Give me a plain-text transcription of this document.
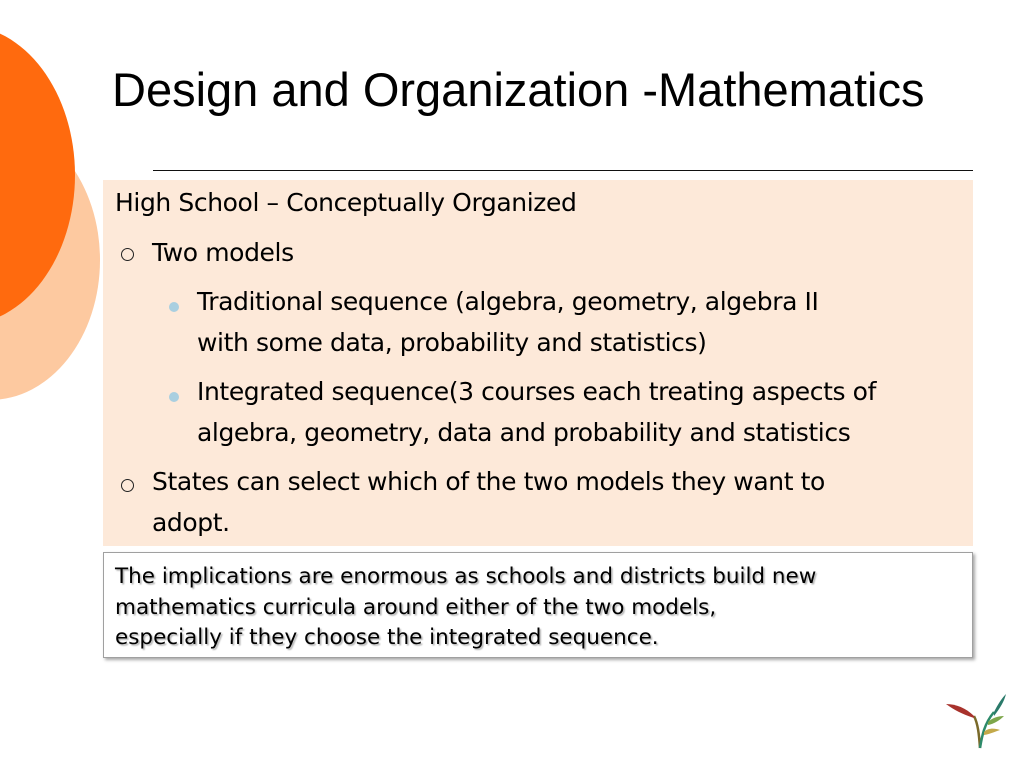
Design and Organization -Mathematics
High School – Conceptually Organized
Two models
Traditional sequence (algebra, geometry, algebra II
with some data, probability and statistics)
Integrated sequence(3 courses each treating aspects of
algebra, geometry, data and probability and statistics
States can select which of the two models they want to
adopt.
The implications are enormous as schools and districts build new
mathematics curricula around either of the two models,
especially if they choose the integrated sequence.
